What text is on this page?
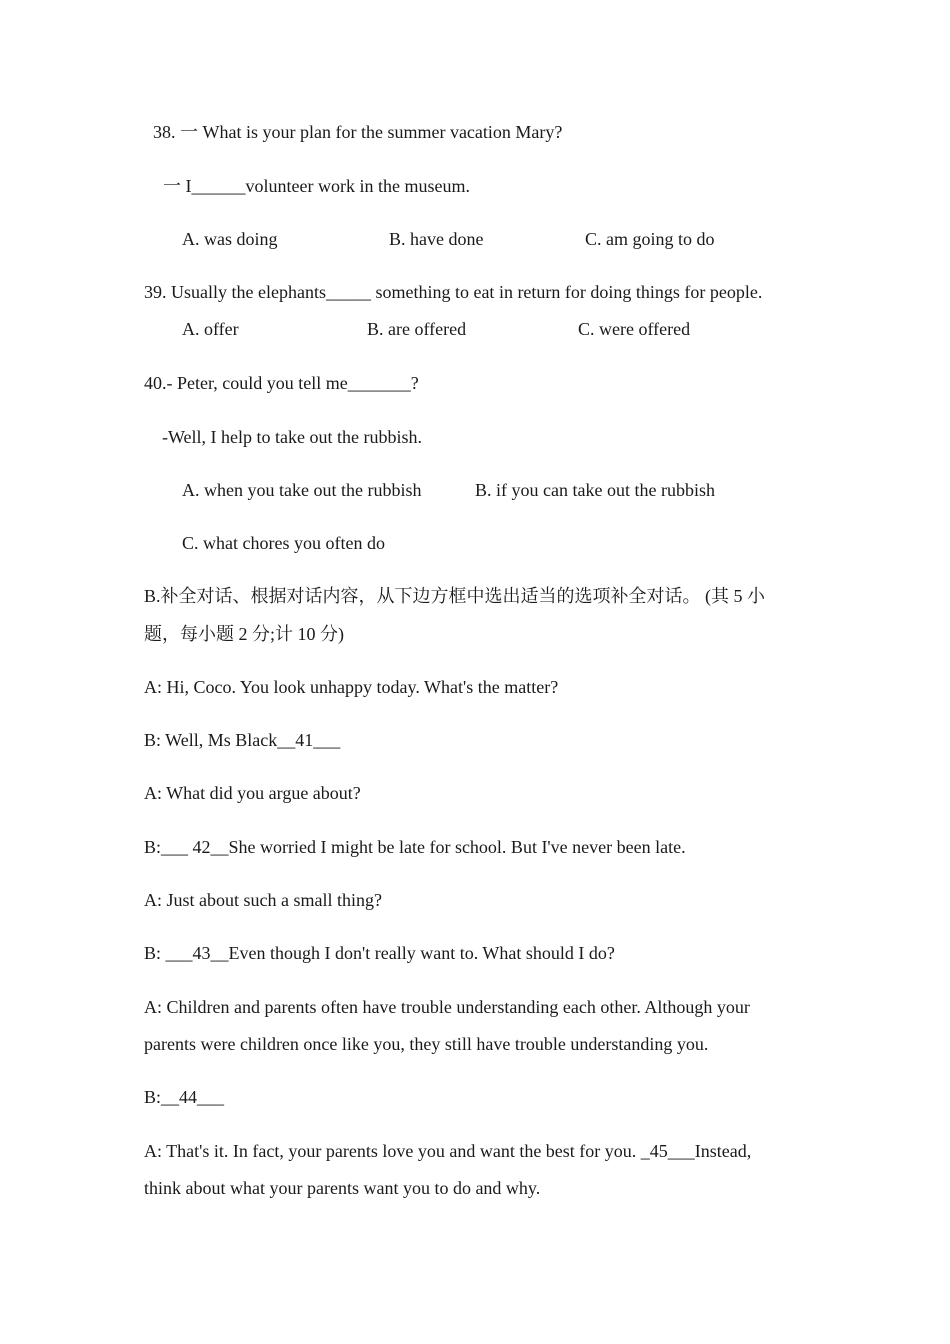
38. 一 What is your plan for the summer vacation Mary?
一 I______volunteer work in the museum.
A. was doing	B. have done	C. am going to do
39. Usually the elephants_____ something to eat in return for doing things for people.
A. offer	B. are offered	C. were offered
40.- Peter, could you tell me_______?
-Well, I help to take out the rubbish.
A. when you take out the rubbish	B. if you can take out the rubbish
C. what chores you often do
B.补全对话、根据对话内容，从下边方框中选出适当的选项补全对话。 (其 5 小
题，每小题 2 分;计 10 分)
A: Hi, Coco. You look unhappy today. What's the matter?
B: Well, Ms Black__41___
A: What did you argue about?
B:___ 42__She worried I might be late for school. But I've never been late.
A: Just about such a small thing?
B: ___43__Even though I don't really want to. What should I do?
A: Children and parents often have trouble understanding each other. Although your
parents were children once like you, they still have trouble understanding you.
B:__44___
A: That's it. In fact, your parents love you and want the best for you. _45___Instead,
think about what your parents want you to do and why.
